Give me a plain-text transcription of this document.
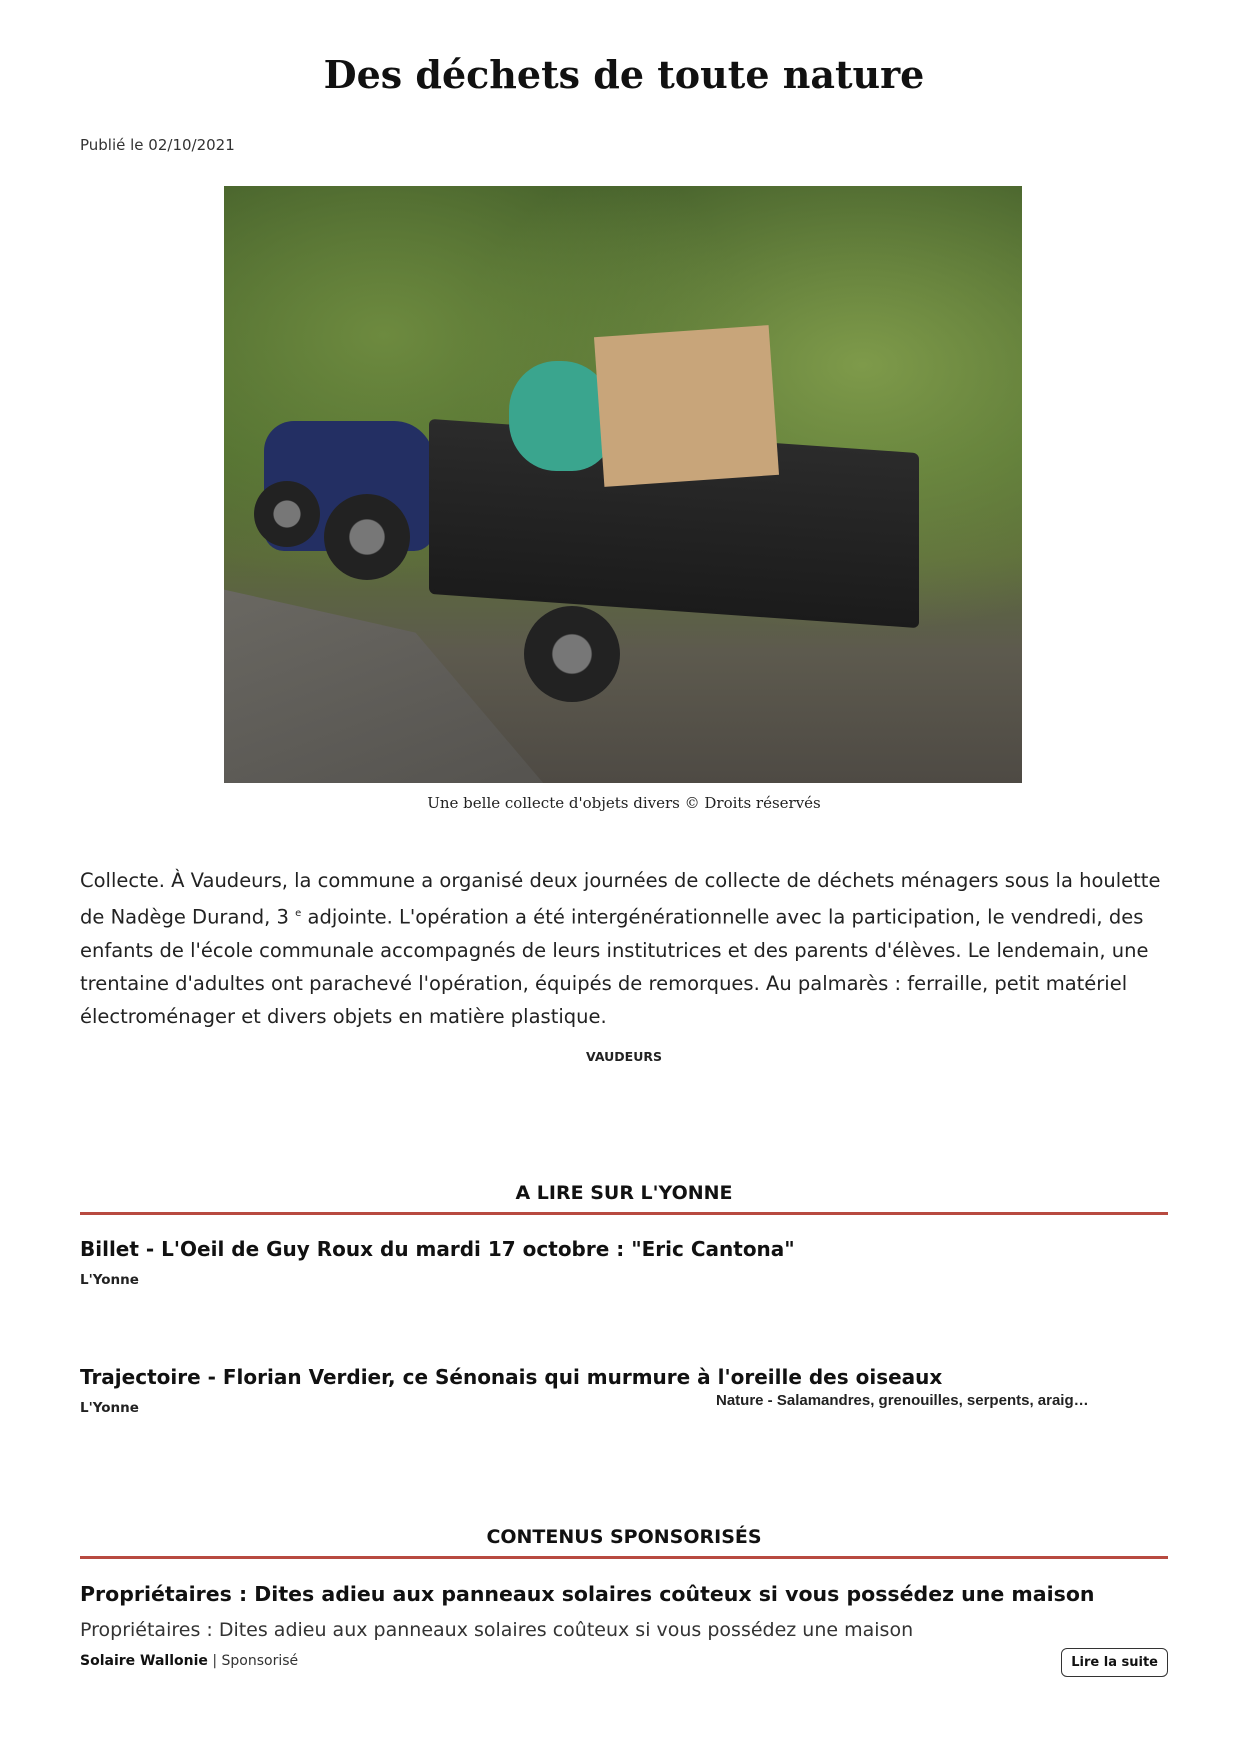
Des déchets de toute nature
Publié le 02/10/2021
Une belle collecte d'objets divers © Droits réservés

Collecte. À Vaudeurs, la commune a organisé deux journées de collecte de déchets ménagers sous la houlette de Nadège Durand, 3 $^e$ adjointe. L'opération a été intergénérationnelle avec la participation, le vendredi, des enfants de l'école communale accompagnés de leurs institutrices et des parents d'élèves. Le lendemain, une trentaine d'adultes ont parachevé l'opération, équipés de remorques. Au palmarès : ferraille, petit matériel électroménager et divers objets en matière plastique.

VAUDEURS
A LIRE SUR L'YONNE
Billet - L'Oeil de Guy Roux du mardi 17 octobre : "Eric Cantona"
L'Yonne
Trajectoire - Florian Verdier, ce Sénonais qui murmure à l'oreille des oiseaux
L'Yonne	Nature - Salamandres, grenouilles, serpents, araig…
CONTENUS SPONSORISÉS
Propriétaires : Dites adieu aux panneaux solaires coûteux si vous possédez une maison
Propriétaires : Dites adieu aux panneaux solaires coûteux si vous possédez une maison
Solaire Wallonie | Sponsorisé	Lire la suite
